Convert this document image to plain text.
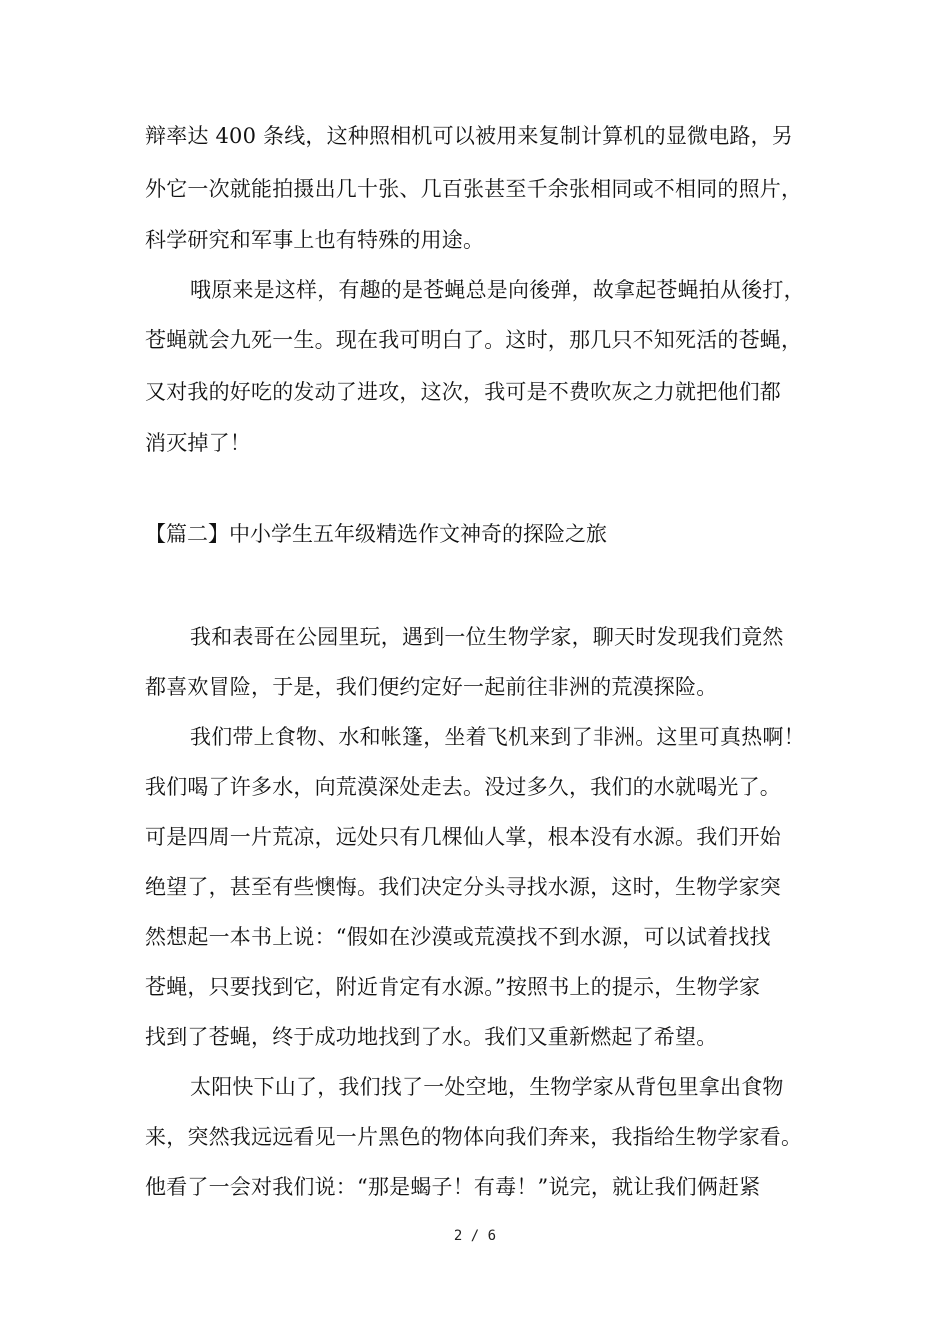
辩率达 400 条线，这种照相机可以被用来复制计算机的显微电路，另
外它一次就能拍摄出几十张、几百张甚至千余张相同或不相同的照片，
科学研究和军事上也有特殊的用途。
哦原来是这样，有趣的是苍蝇总是向後弹，故拿起苍蝇拍从後打，
苍蝇就会九死一生。现在我可明白了。这时，那几只不知死活的苍蝇，
又对我的好吃的发动了进攻，这次，我可是不费吹灰之力就把他们都
消灭掉了！
【篇二】中小学生五年级精选作文神奇的探险之旅
我和表哥在公园里玩，遇到一位生物学家，聊天时发现我们竟然
都喜欢冒险，于是，我们便约定好一起前往非洲的荒漠探险。
我们带上食物、水和帐篷，坐着飞机来到了非洲。这里可真热啊！
我们喝了许多水，向荒漠深处走去。没过多久，我们的水就喝光了。
可是四周一片荒凉，远处只有几棵仙人掌，根本没有水源。我们开始
绝望了，甚至有些懊悔。我们决定分头寻找水源，这时，生物学家突
然想起一本书上说：“假如在沙漠或荒漠找不到水源，可以试着找找
苍蝇，只要找到它，附近肯定有水源。”按照书上的提示，生物学家
找到了苍蝇，终于成功地找到了水。我们又重新燃起了希望。
太阳快下山了，我们找了一处空地，生物学家从背包里拿出食物
来，突然我远远看见一片黑色的物体向我们奔来，我指给生物学家看。
他看了一会对我们说：“那是蝎子！有毒！”说完，就让我们俩赶紧
2 / 6
